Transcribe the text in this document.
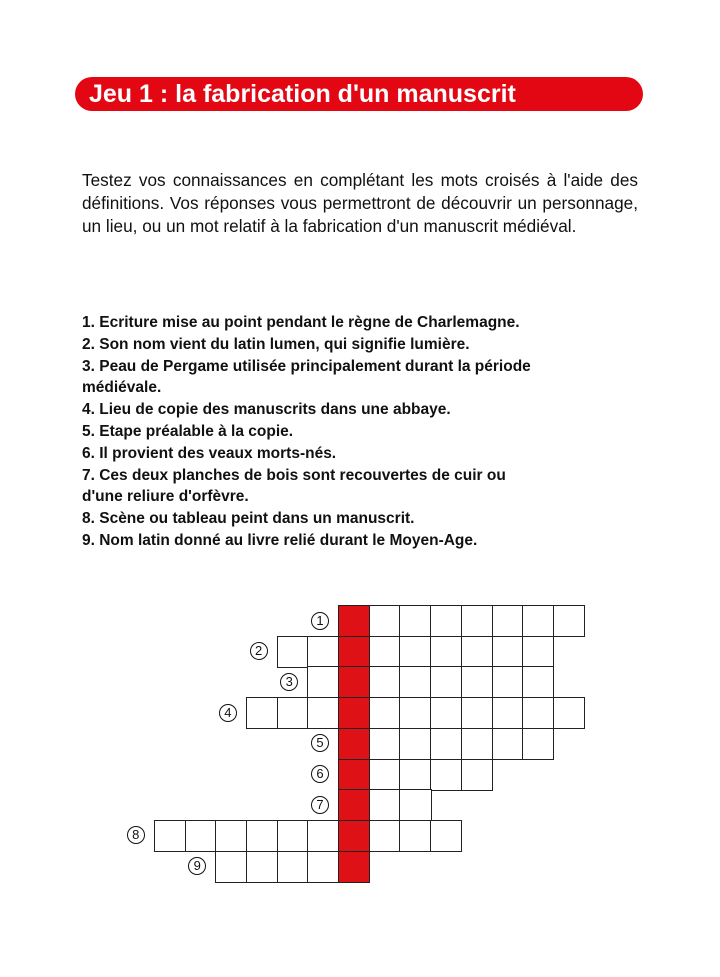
Jeu 1 : la fabrication d'un manuscrit

Testez vos connaissances en complétant les mots croisés à l'aide des définitions. Vos réponses vous permettront de découvrir un personnage, un lieu, ou un mot relatif à la fabrication d'un manuscrit médiéval.

1. Ecriture mise au point pendant le règne de Charlemagne.
2. Son nom vient du latin lumen, qui signifie lumière.
3. Peau de Pergame utilisée principalement durant la période
médiévale.
4. Lieu de copie des manuscrits dans une abbaye.
5. Etape préalable à la copie.
6. Il provient des veaux morts-nés.
7. Ces deux planches de bois sont recouvertes de cuir ou
d'une reliure d'orfèvre.
8. Scène ou tableau peint dans un manuscrit.
9. Nom latin donné au livre relié durant le Moyen-Age.
1
2
3
4
5
6
7
8
9
